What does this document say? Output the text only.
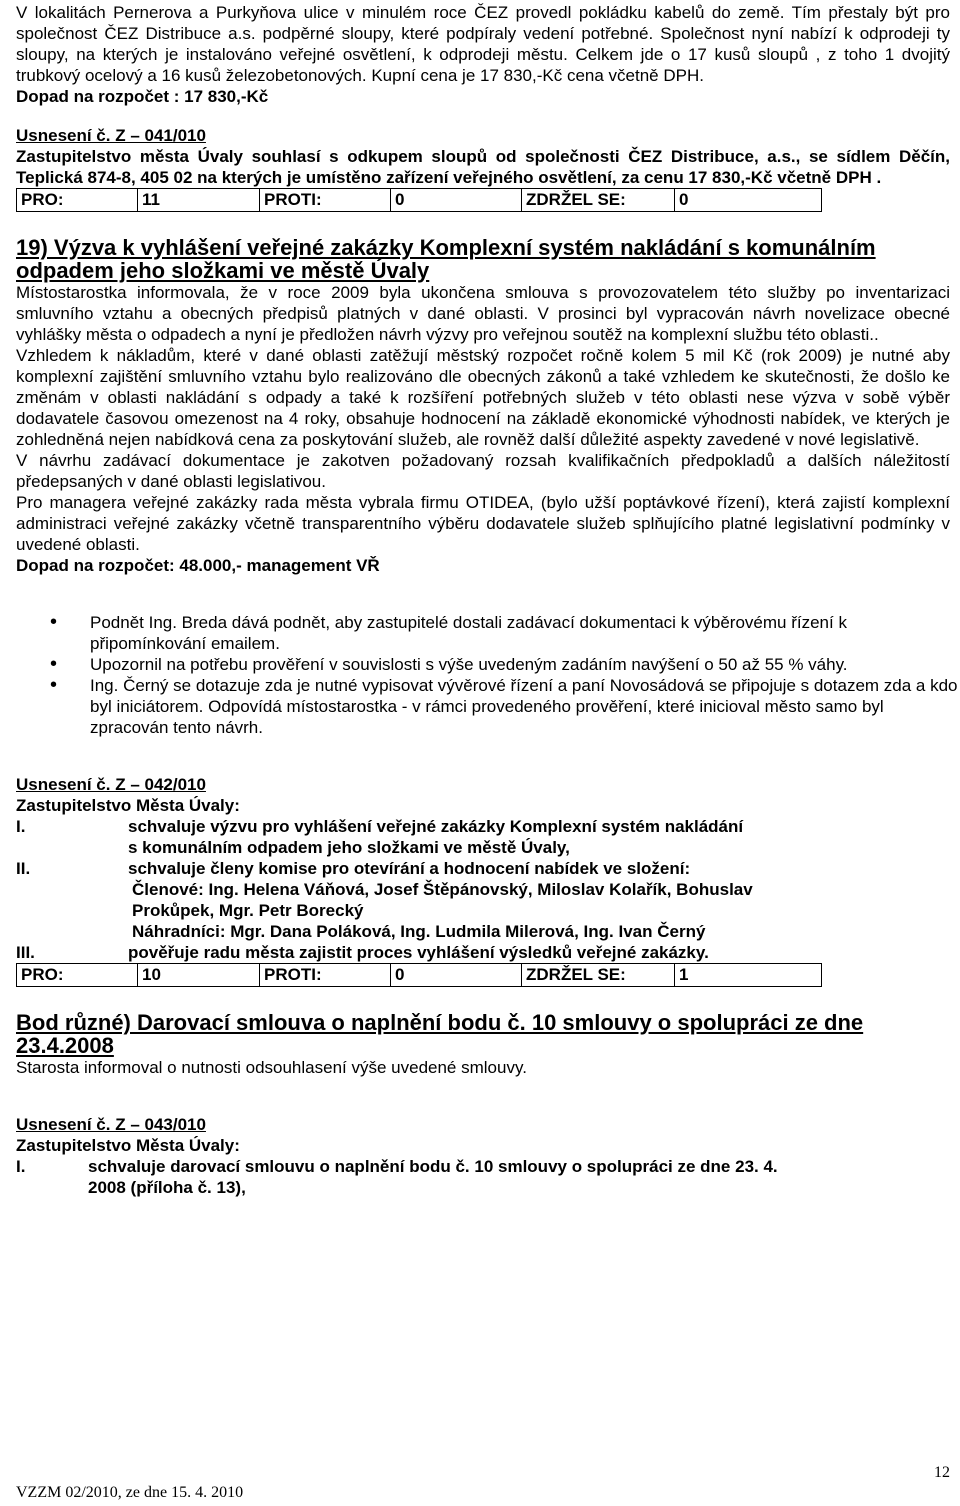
V lokalitách Pernerova a Purkyňova ulice v minulém roce ČEZ provedl pokládku kabelů do země. Tím přestaly být pro společnost ČEZ Distribuce a.s. podpěrné sloupy, které podpíraly vedení potřebné. Společnost nyní nabízí k odprodeji ty sloupy, na kterých je instalováno veřejné osvětlení, k odprodeji městu. Celkem jde o 17 kusů sloupů , z toho 1 dvojitý trubkový ocelový a 16 kusů železobetonových. Kupní cena je 17 830,-Kč cena včetně DPH.

Dopad na rozpočet : 17 830,-Kč

Usnesení č. Z – 041/010

Zastupitelstvo města Úvaly souhlasí s odkupem sloupů od společnosti ČEZ Distribuce, a.s., se sídlem Děčín, Teplická 874-8, 405 02 na kterých je umístěno zařízení veřejného osvětlení, za cenu 17 830,-Kč včetně DPH .

PRO:	11	PROTI:	0	ZDRŽEL SE:	0

19) Výzva k vyhlášení veřejné zakázky Komplexní systém nakládání s komunálním odpadem jeho složkami ve městě Úvaly

Místostarostka informovala, že v roce 2009 byla ukončena smlouva s provozovatelem této služby po inventarizaci smluvního vztahu a obecných předpisů platných v dané oblasti. V prosinci byl vypracován návrh novelizace obecné vyhlášky města o odpadech a nyní je předložen návrh výzvy pro veřejnou soutěž na komplexní službu této oblasti..

Vzhledem k nákladům, které v dané oblasti zatěžují městský rozpočet ročně kolem 5 mil Kč (rok 2009) je nutné aby komplexní zajištění smluvního vztahu bylo realizováno dle obecných zákonů a také vzhledem ke skutečnosti, že došlo ke změnám v oblasti nakládání s odpady a také k rozšíření potřebných služeb v této oblasti nese výzva v sobě výběr dodavatele časovou omezenost na 4 roky, obsahuje hodnocení na základě ekonomické výhodnosti nabídek, ve kterých je zohledněná nejen nabídková cena za poskytování služeb, ale rovněž další důležité aspekty zavedené v nové legislativě.

V návrhu zadávací dokumentace je zakotven požadovaný rozsah kvalifikačních předpokladů a dalších náležitostí předepsaných v dané oblasti legislativou.

Pro managera veřejné zakázky rada města vybrala firmu OTIDEA, (bylo užší poptávkové řízení), která zajistí komplexní administraci veřejné zakázky včetně transparentního výběru dodavatele služeb splňujícího platné legislativní podmínky v uvedené oblasti.

Dopad na rozpočet: 48.000,- management VŘ

• Podnět Ing. Breda dává podnět, aby zastupitelé dostali zadávací dokumentaci k výběrovému řízení k připomínkování emailem.
• Upozornil na potřebu prověření v souvislosti s výše uvedeným zadáním navýšení o 50 až 55 % váhy.
• Ing. Černý se dotazuje zda je nutné vypisovat vývěrové řízení a paní Novosádová se připojuje s dotazem zda a kdo byl iniciátorem. Odpovídá místostarostka - v rámci provedeného prověření, které inicioval město samo byl zpracován tento návrh.

Usnesení č. Z – 042/010

Zastupitelstvo Města Úvaly:

I.	schvaluje výzvu pro vyhlášení veřejné zakázky Komplexní systém nakládání
s komunálním odpadem jeho složkami ve městě Úvaly,
II.	schvaluje členy komise pro otevírání a hodnocení nabídek ve složení:
Členové: Ing. Helena Váňová, Josef Štěpánovský, Miloslav Kolařík, Bohuslav
Prokůpek, Mgr. Petr Borecký
Náhradníci: Mgr. Dana Poláková, Ing. Ludmila Milerová, Ing. Ivan Černý
III.	pověřuje radu města zajistit proces vyhlášení výsledků veřejné zakázky.
PRO:	10	PROTI:	0	ZDRŽEL SE:	1

Bod různé) Darovací smlouva o naplnění bodu č. 10 smlouvy o spolupráci ze dne 23.4.2008

Starosta informoval o nutnosti odsouhlasení výše uvedené smlouvy.

Usnesení č. Z – 043/010

Zastupitelstvo Města Úvaly:

I.	schvaluje darovací smlouvu o naplnění bodu č. 10 smlouvy o spolupráci ze dne 23. 4.
2008 (příloha č. 13),
12
VZZM 02/2010, ze dne 15. 4. 2010
